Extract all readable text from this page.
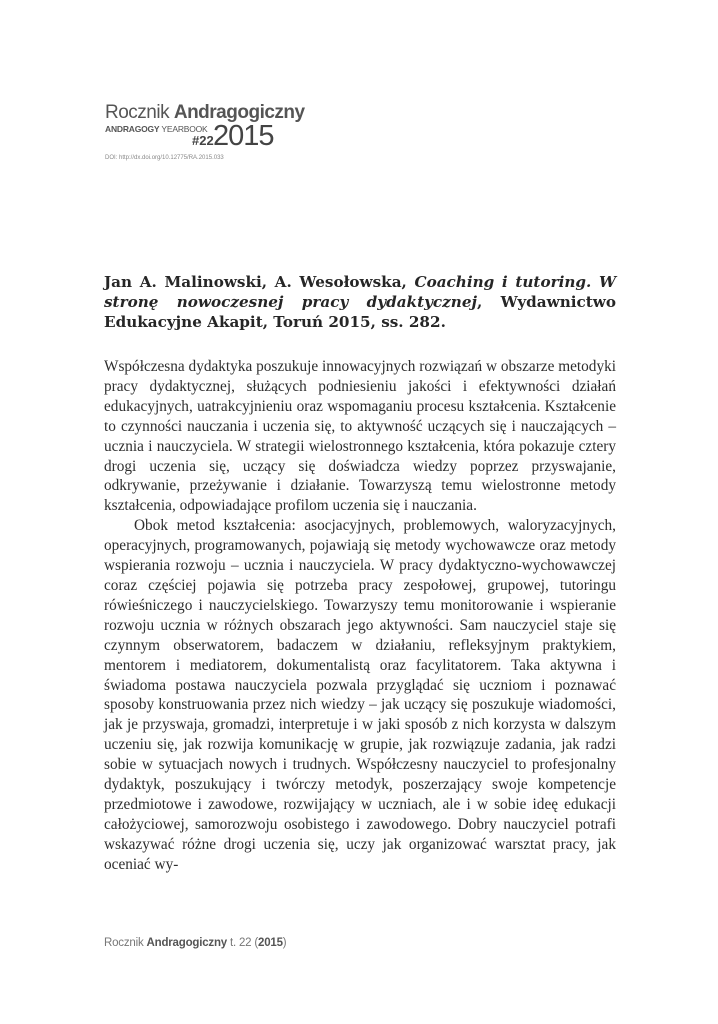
Rocznik Andragogiczny
ANDRAGOGY YEARBOOK
#22 2015
DOI: http://dx.doi.org/10.12775/RA.2015.033
Jan A. Malinowski, A. Wesołowska, Coaching i tutoring. W stronę nowoczesnej pracy dydaktycznej, Wydawnictwo Edukacyjne Akapit, Toruń 2015, ss. 282.

Współczesna dydaktyka poszukuje innowacyjnych rozwiązań w obszarze metodyki pracy dydaktycznej, służących podniesieniu jakości i efektywności działań edukacyjnych, uatrakcyjnieniu oraz wspomaganiu procesu kształcenia. Kształcenie to czynności nauczania i uczenia się, to aktywność uczących się i nauczających – ucznia i nauczyciela. W strategii wielostronnego kształcenia, która pokazuje cztery drogi uczenia się, uczący się doświadcza wiedzy poprzez przyswajanie, odkrywanie, przeżywanie i działanie. Towarzyszą temu wielostronne metody kształcenia, odpowiadające profilom uczenia się i nauczania.

Obok metod kształcenia: asocjacyjnych, problemowych, waloryzacyjnych, operacyjnych, programowanych, pojawiają się metody wychowawcze oraz metody wspierania rozwoju – ucznia i nauczyciela. W pracy dydaktyczno-wychowawczej coraz częściej pojawia się potrzeba pracy zespołowej, grupowej, tutoringu rówieśniczego i nauczycielskiego. Towarzyszy temu monitorowanie i wspieranie rozwoju ucznia w różnych obszarach jego aktywności. Sam nauczyciel staje się czynnym obserwatorem, badaczem w działaniu, refleksyjnym praktykiem, mentorem i mediatorem, dokumentalistą oraz facylitatorem. Taka aktywna i świadoma postawa nauczyciela pozwala przyglądać się uczniom i poznawać sposoby konstruowania przez nich wiedzy – jak uczący się poszukuje wiadomości, jak je przyswaja, gromadzi, interpretuje i w jaki sposób z nich korzysta w dalszym uczeniu się, jak rozwija komunikację w grupie, jak rozwiązuje zadania, jak radzi sobie w sytuacjach nowych i trudnych. Współczesny nauczyciel to profesjonalny dydaktyk, poszukujący i twórczy metodyk, poszerzający swoje kompetencje przedmiotowe i zawodowe, rozwijający w uczniach, ale i w sobie ideę edukacji całożyciowej, samorozwoju osobistego i zawodowego. Dobry nauczyciel potrafi wskazywać różne drogi uczenia się, uczy jak organizować warsztat pracy, jak oceniać wy-

Rocznik Andragogiczny t. 22 (2015)
